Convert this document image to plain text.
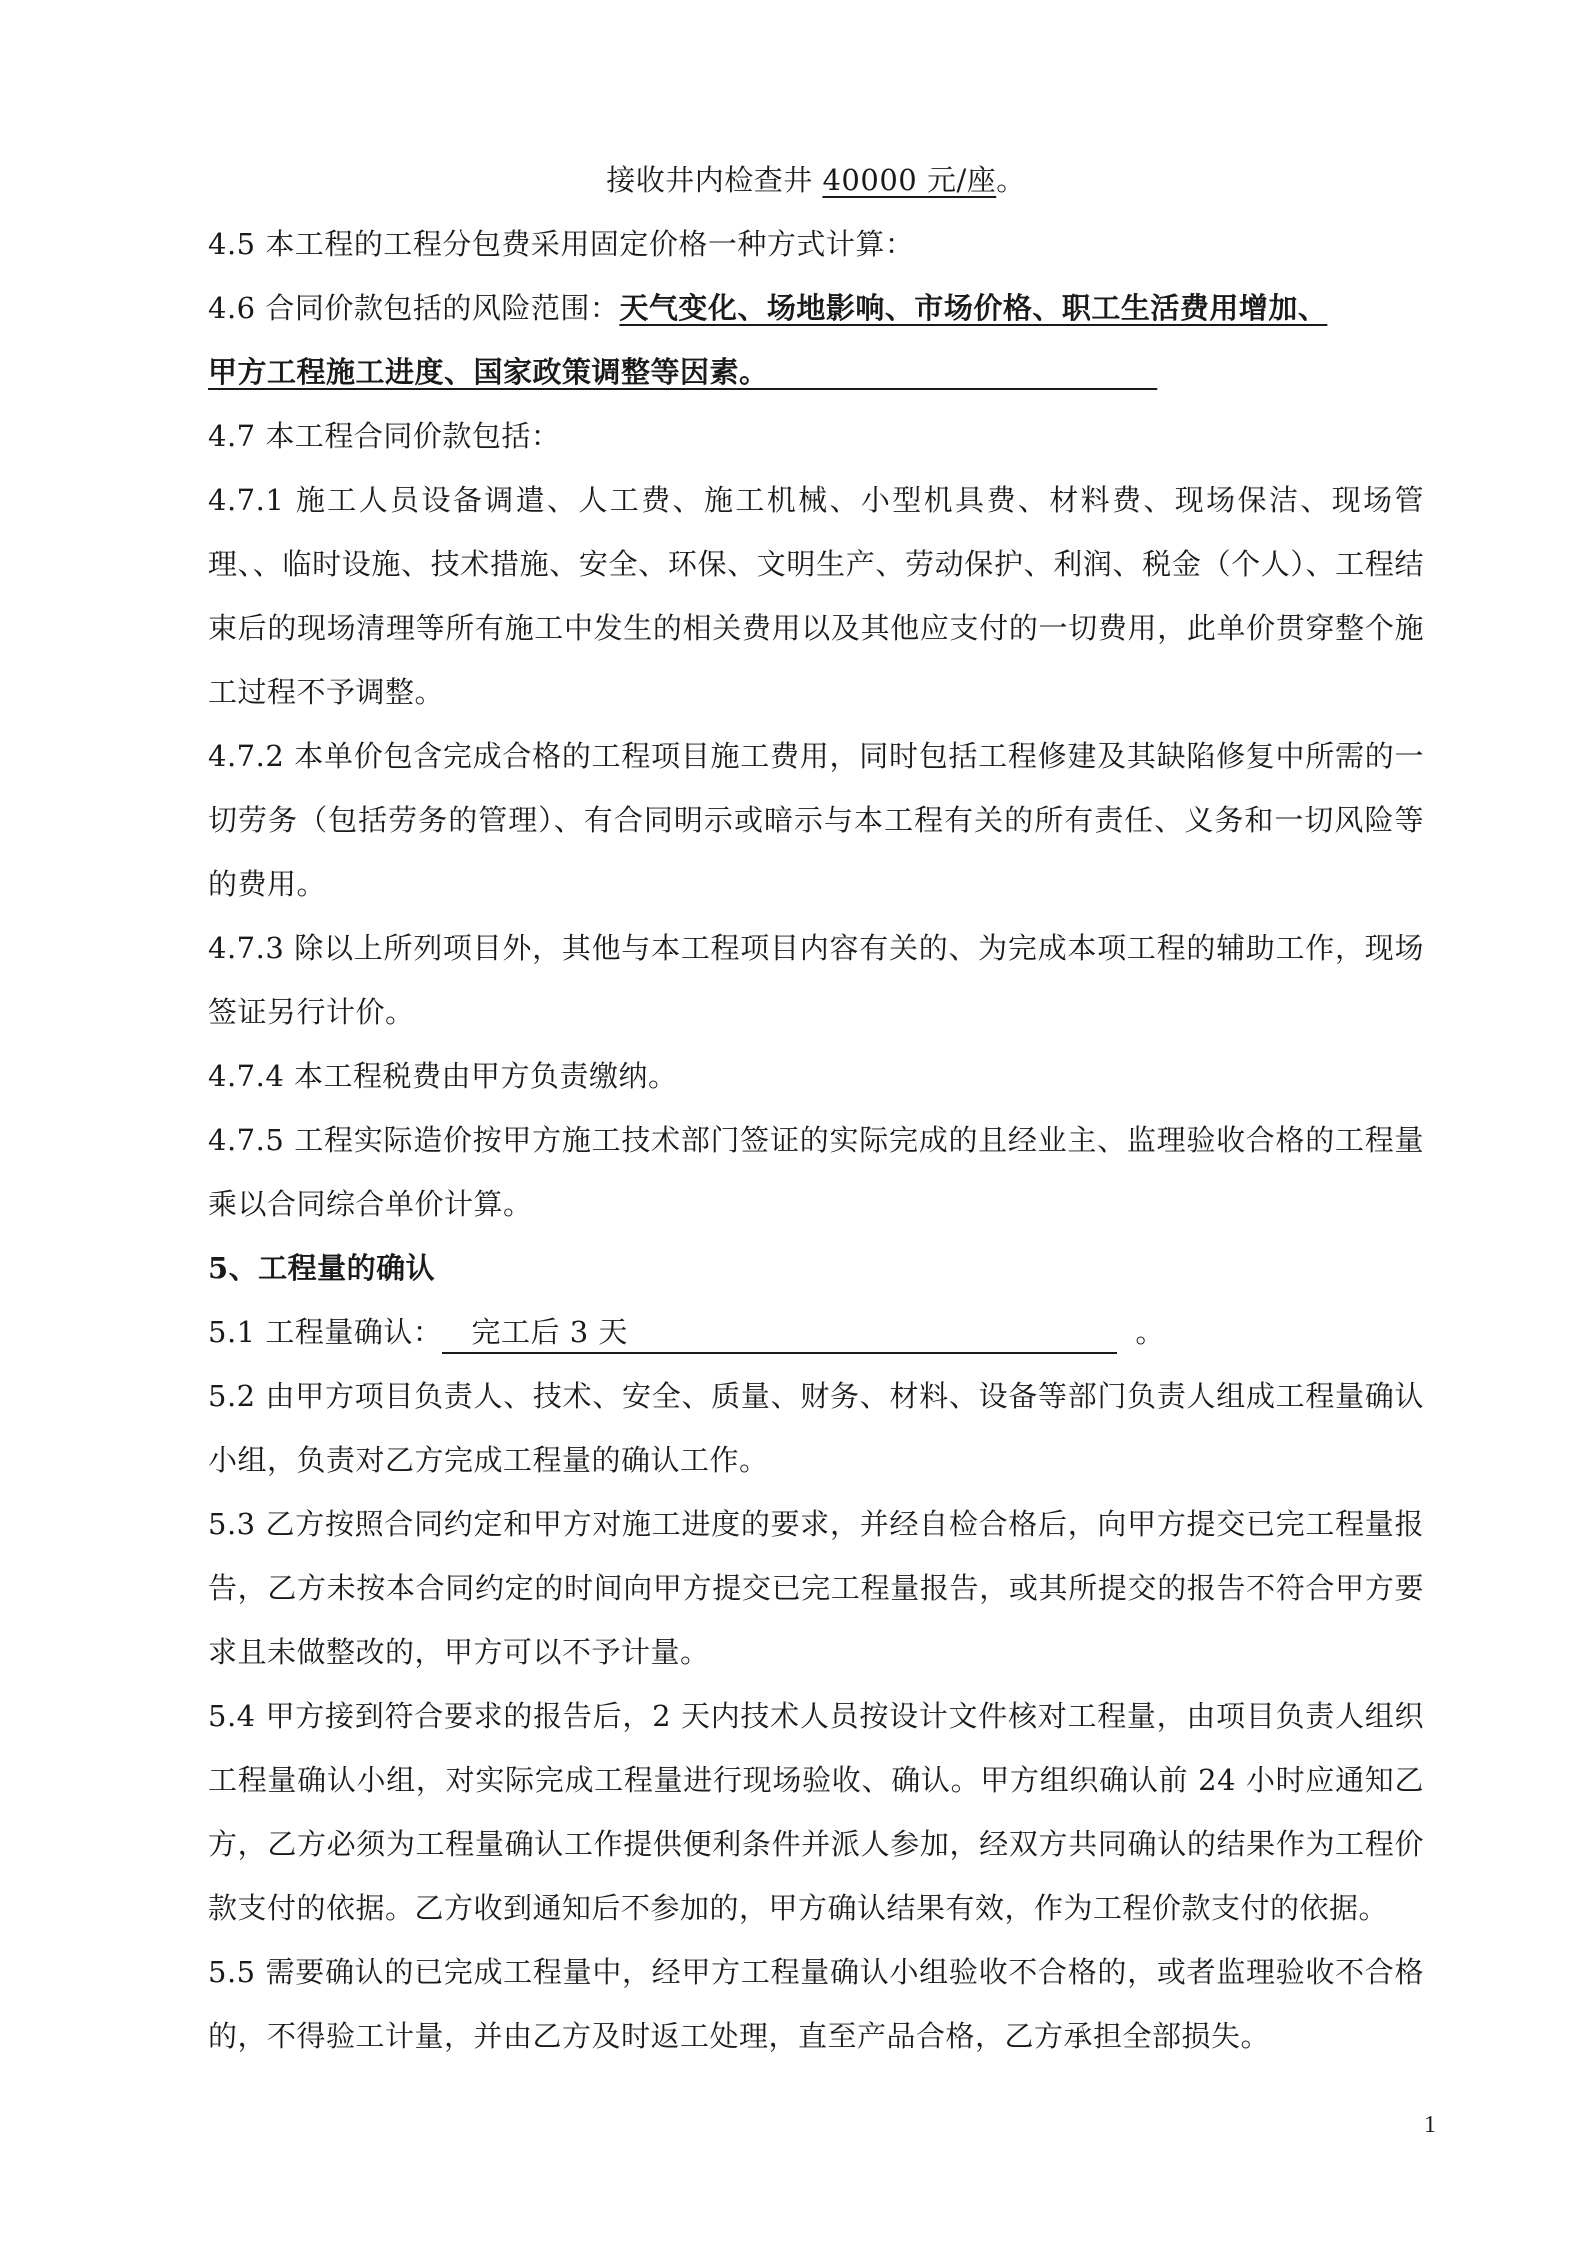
接收井内检查井 40000 元/座。

4.5 本工程的工程分包费采用固定价格一种方式计算：

4.6 合同价款包括的风险范围：天气变化、场地影响、市场价格、职工生活费用增加、

甲方工程施工进度、国家政策调整等因素。

4.7 本工程合同价款包括：

4.7.1 施工人员设备调遣、人工费、施工机械、小型机具费、材料费、现场保洁、现场管理、、临时设施、技术措施、安全、环保、文明生产、劳动保护、利润、税金（个人）、工程结束后的现场清理等所有施工中发生的相关费用以及其他应支付的一切费用，此单价贯穿整个施工过程不予调整。

4.7.2 本单价包含完成合格的工程项目施工费用，同时包括工程修建及其缺陷修复中所需的一切劳务（包括劳务的管理）、有合同明示或暗示与本工程有关的所有责任、义务和一切风险等的费用。

4.7.3 除以上所列项目外，其他与本工程项目内容有关的、为完成本项工程的辅助工作，现场签证另行计价。

4.7.4 本工程税费由甲方负责缴纳。

4.7.5 工程实际造价按甲方施工技术部门签证的实际完成的且经业主、监理验收合格的工程量乘以合同综合单价计算。

5、工程量的确认

5.1 工程量确认： 完工后 3 天	。

5.2 由甲方项目负责人、技术、安全、质量、财务、材料、设备等部门负责人组成工程量确认小组，负责对乙方完成工程量的确认工作。

5.3 乙方按照合同约定和甲方对施工进度的要求，并经自检合格后，向甲方提交已完工程量报告，乙方未按本合同约定的时间向甲方提交已完工程量报告，或其所提交的报告不符合甲方要求且未做整改的，甲方可以不予计量。

5.4 甲方接到符合要求的报告后，2 天内技术人员按设计文件核对工程量，由项目负责人组织工程量确认小组，对实际完成工程量进行现场验收、确认。甲方组织确认前 24 小时应通知乙方，乙方必须为工程量确认工作提供便利条件并派人参加，经双方共同确认的结果作为工程价款支付的依据。乙方收到通知后不参加的，甲方确认结果有效，作为工程价款支付的依据。

5.5 需要确认的已完成工程量中，经甲方工程量确认小组验收不合格的，或者监理验收不合格的，不得验工计量，并由乙方及时返工处理，直至产品合格，乙方承担全部损失。

1
